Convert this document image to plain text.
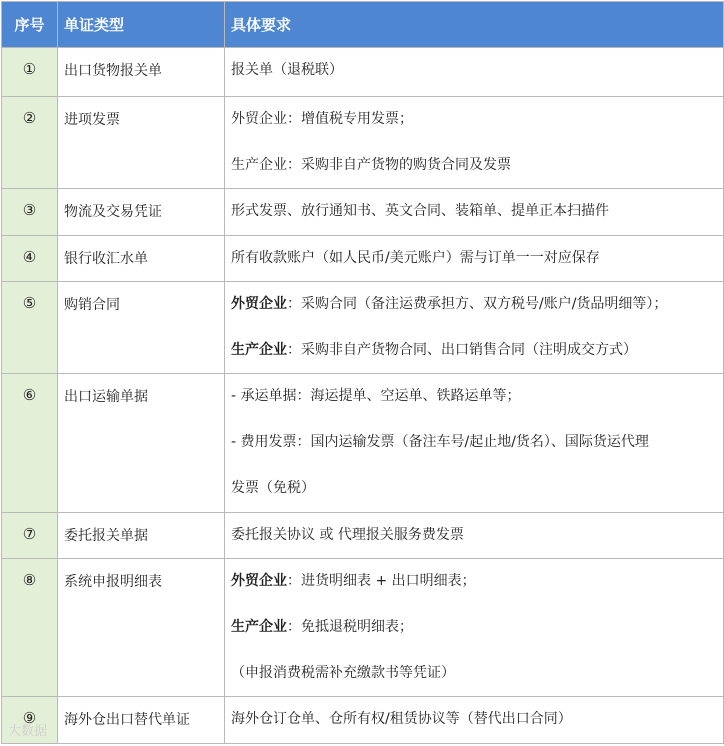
序号	单证类型	具体要求
①	出口货物报关单	报关单（退税联）

②	进项发票	外贸企业：增值税专用发票；
生产企业：采购非自产货物的购货合同及发票

③	物流及交易凭证	形式发票、放行通知书、英文合同、装箱单、提单正本扫描件

④	银行收汇水单	所有收款账户（如人民币/美元账户）需与订单一一对应保存

⑤	购销合同	外贸企业：采购合同（备注运费承担方、双方税号/账户/货品明细等）；
生产企业：采购非自产货物合同、出口销售合同（注明成交方式）

⑥	出口运输单据	- 承运单据：海运提单、空运单、铁路运单等；
- 费用发票：国内运输发票（备注车号/起止地/货名）、国际货运代理
发票（免税）

⑦	委托报关单据	委托报关协议 或 代理报关服务费发票

⑧	系统申报明细表	外贸企业：进货明细表 + 出口明细表；
生产企业：免抵退税明细表；
（申报消费税需补充缴款书等凭证）

⑨	海外仓出口替代单证	海外仓订仓单、仓所有权/租赁协议等（替代出口合同）
大数据
